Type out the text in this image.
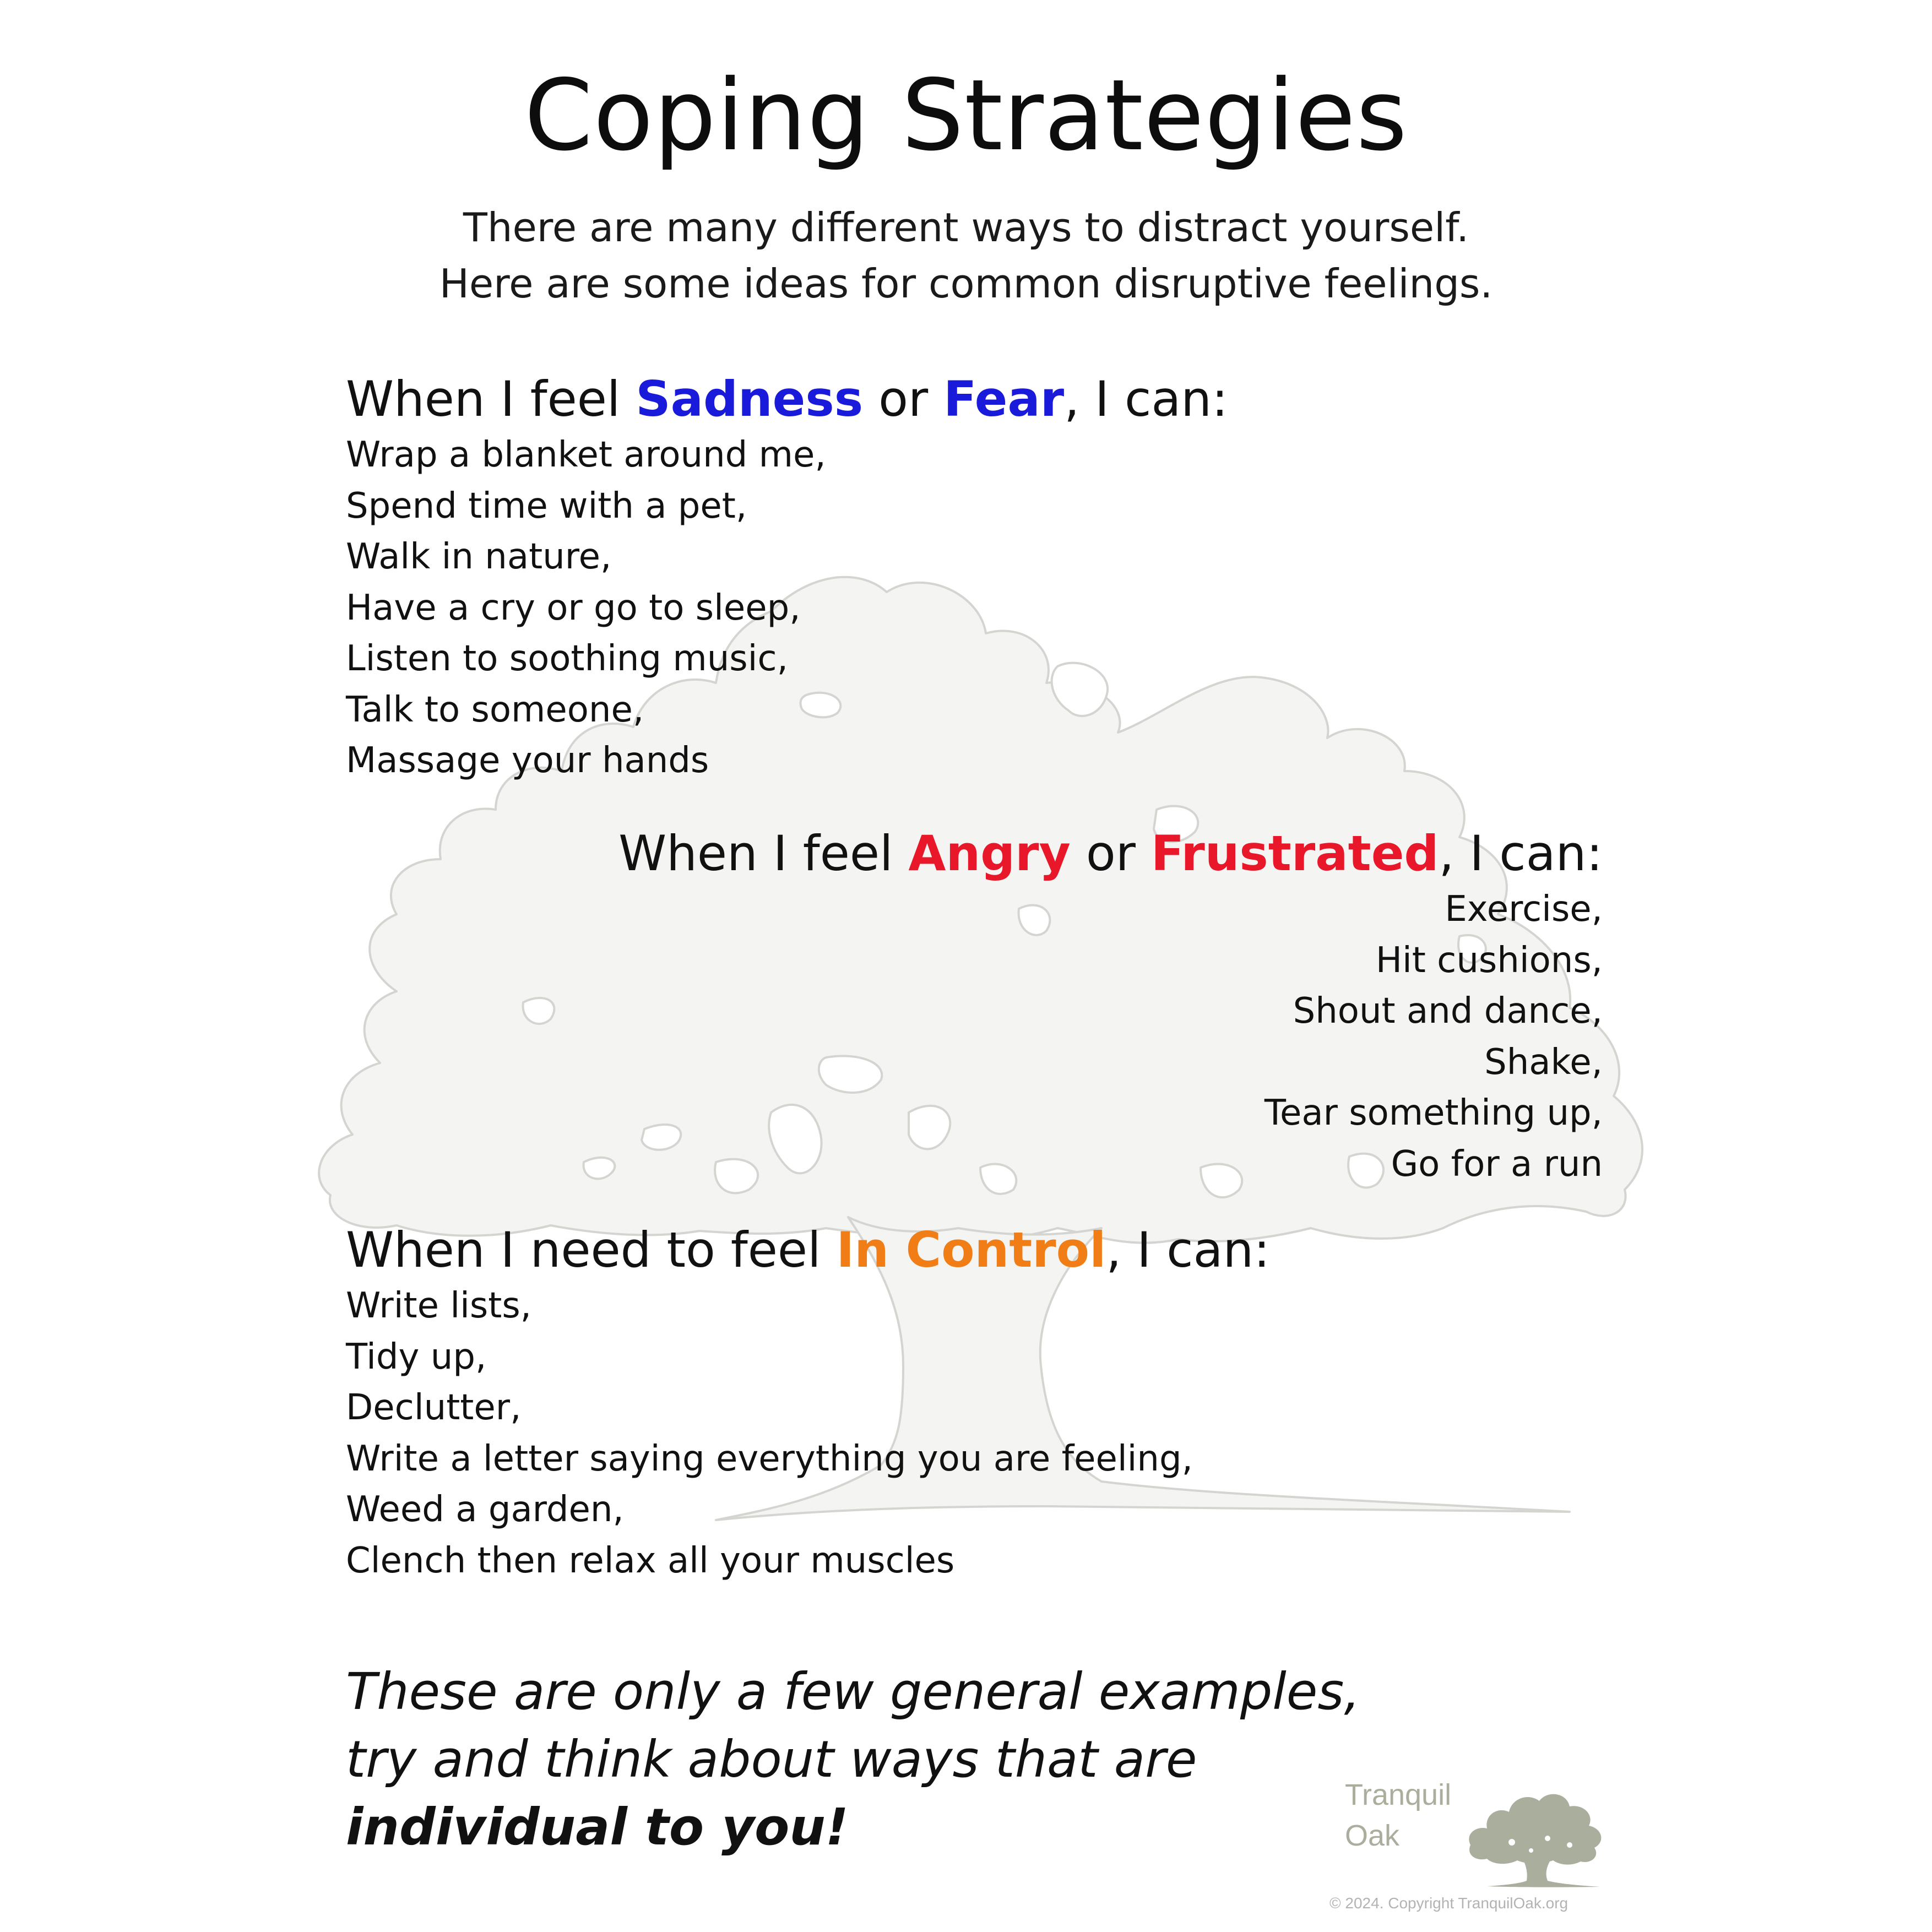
Coping Strategies
There are many different ways to distract yourself.
Here are some ideas for common disruptive feelings.
When I feel Sadness or Fear, I can:
Wrap a blanket around me,
Spend time with a pet,
Walk in nature,
Have a cry or go to sleep,
Listen to soothing music,
Talk to someone,
Massage your hands
When I feel Angry or Frustrated, I can:
Exercise,
Hit cushions,
Shout and dance,
Shake,
Tear something up,
Go for a run
When I need to feel In Control, I can:
Write lists,
Tidy up,
Declutter,
Write a letter saying everything you are feeling,
Weed a garden,
Clench then relax all your muscles
These are only a few general examples,
try and think about ways that are
individual to you!
Tranquil
Oak
© 2024. Copyright TranquilOak.org
